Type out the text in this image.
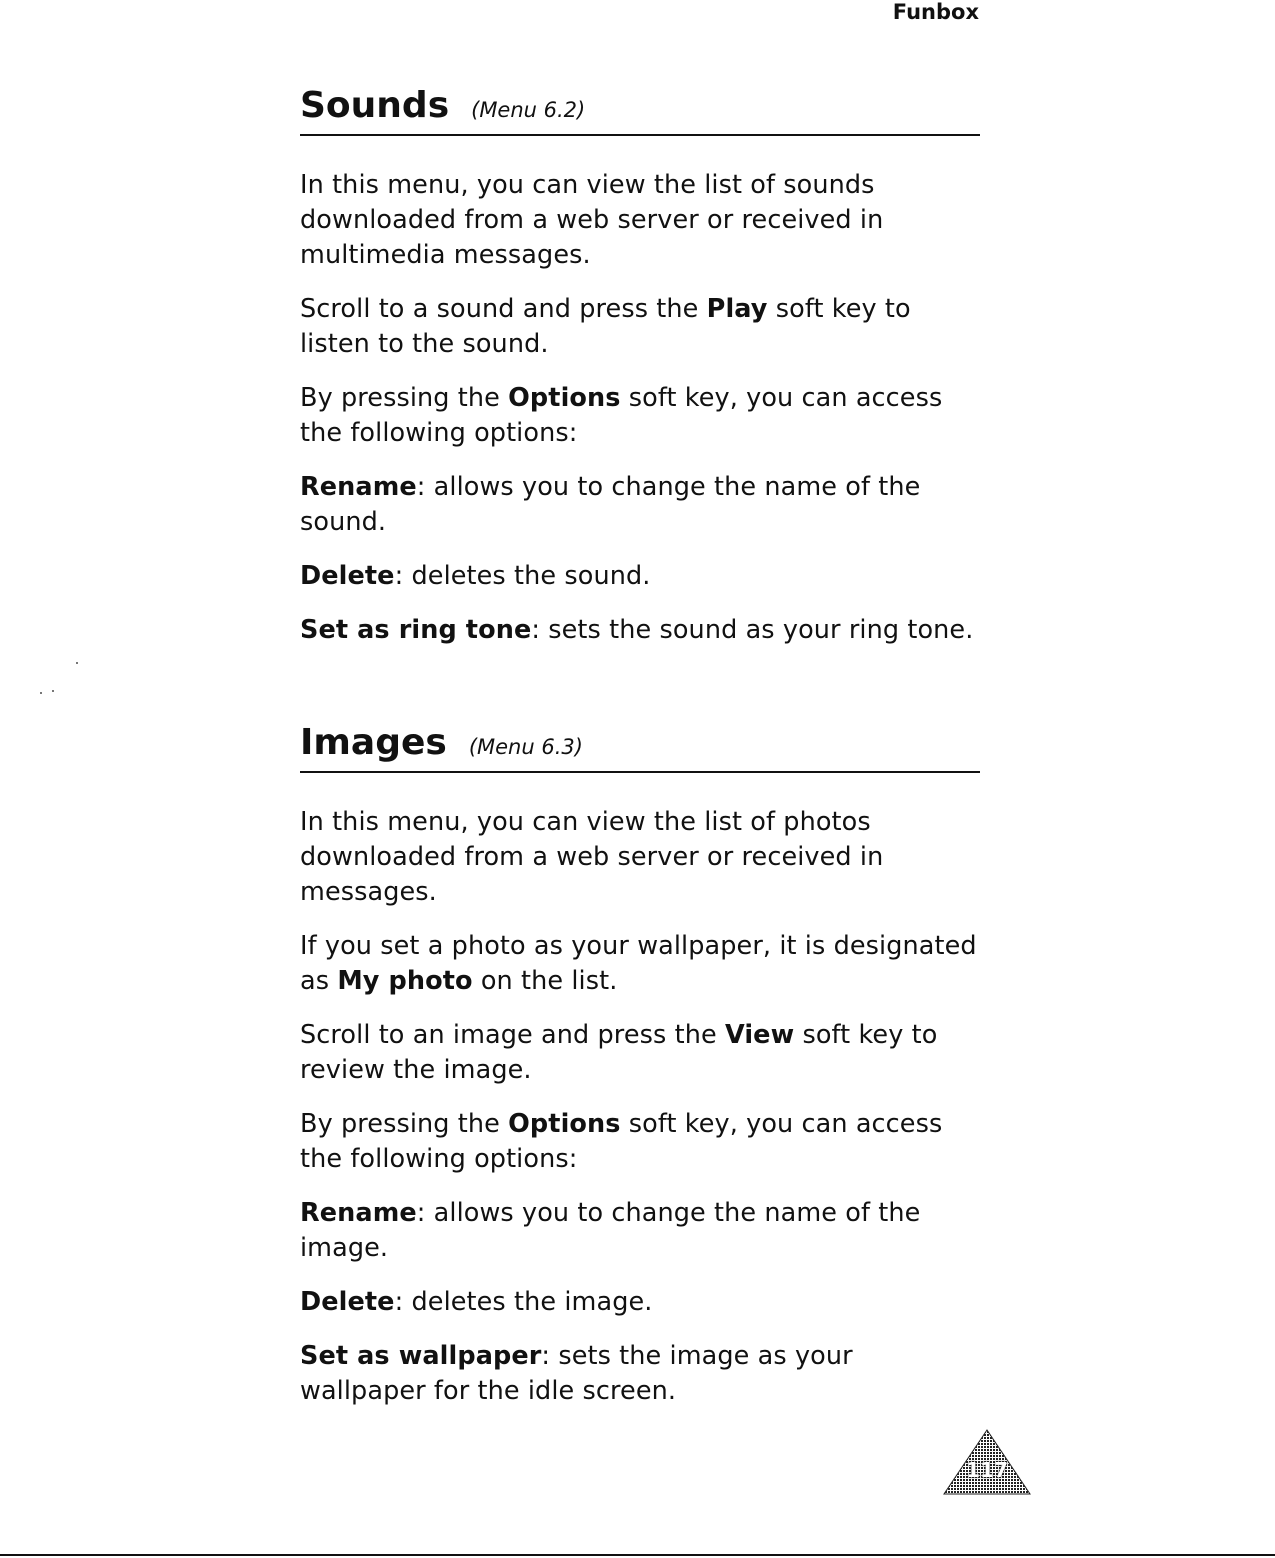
Funbox
Sounds (Menu 6.2)

In this menu, you can view the list of sounds downloaded from a web server or received in multimedia messages.

Scroll to a sound and press the Play soft key to listen to the sound.

By pressing the Options soft key, you can access the following options:

Rename: allows you to change the name of the sound.

Delete: deletes the sound.

Set as ring tone: sets the sound as your ring tone.

Images (Menu 6.3)

In this menu, you can view the list of photos downloaded from a web server or received in messages.

If you set a photo as your wallpaper, it is designated as My photo on the list.

Scroll to an image and press the View soft key to review the image.

By pressing the Options soft key, you can access the following options:

Rename: allows you to change the name of the image.

Delete: deletes the image.

Set as wallpaper: sets the image as your wallpaper for the idle screen.

117
